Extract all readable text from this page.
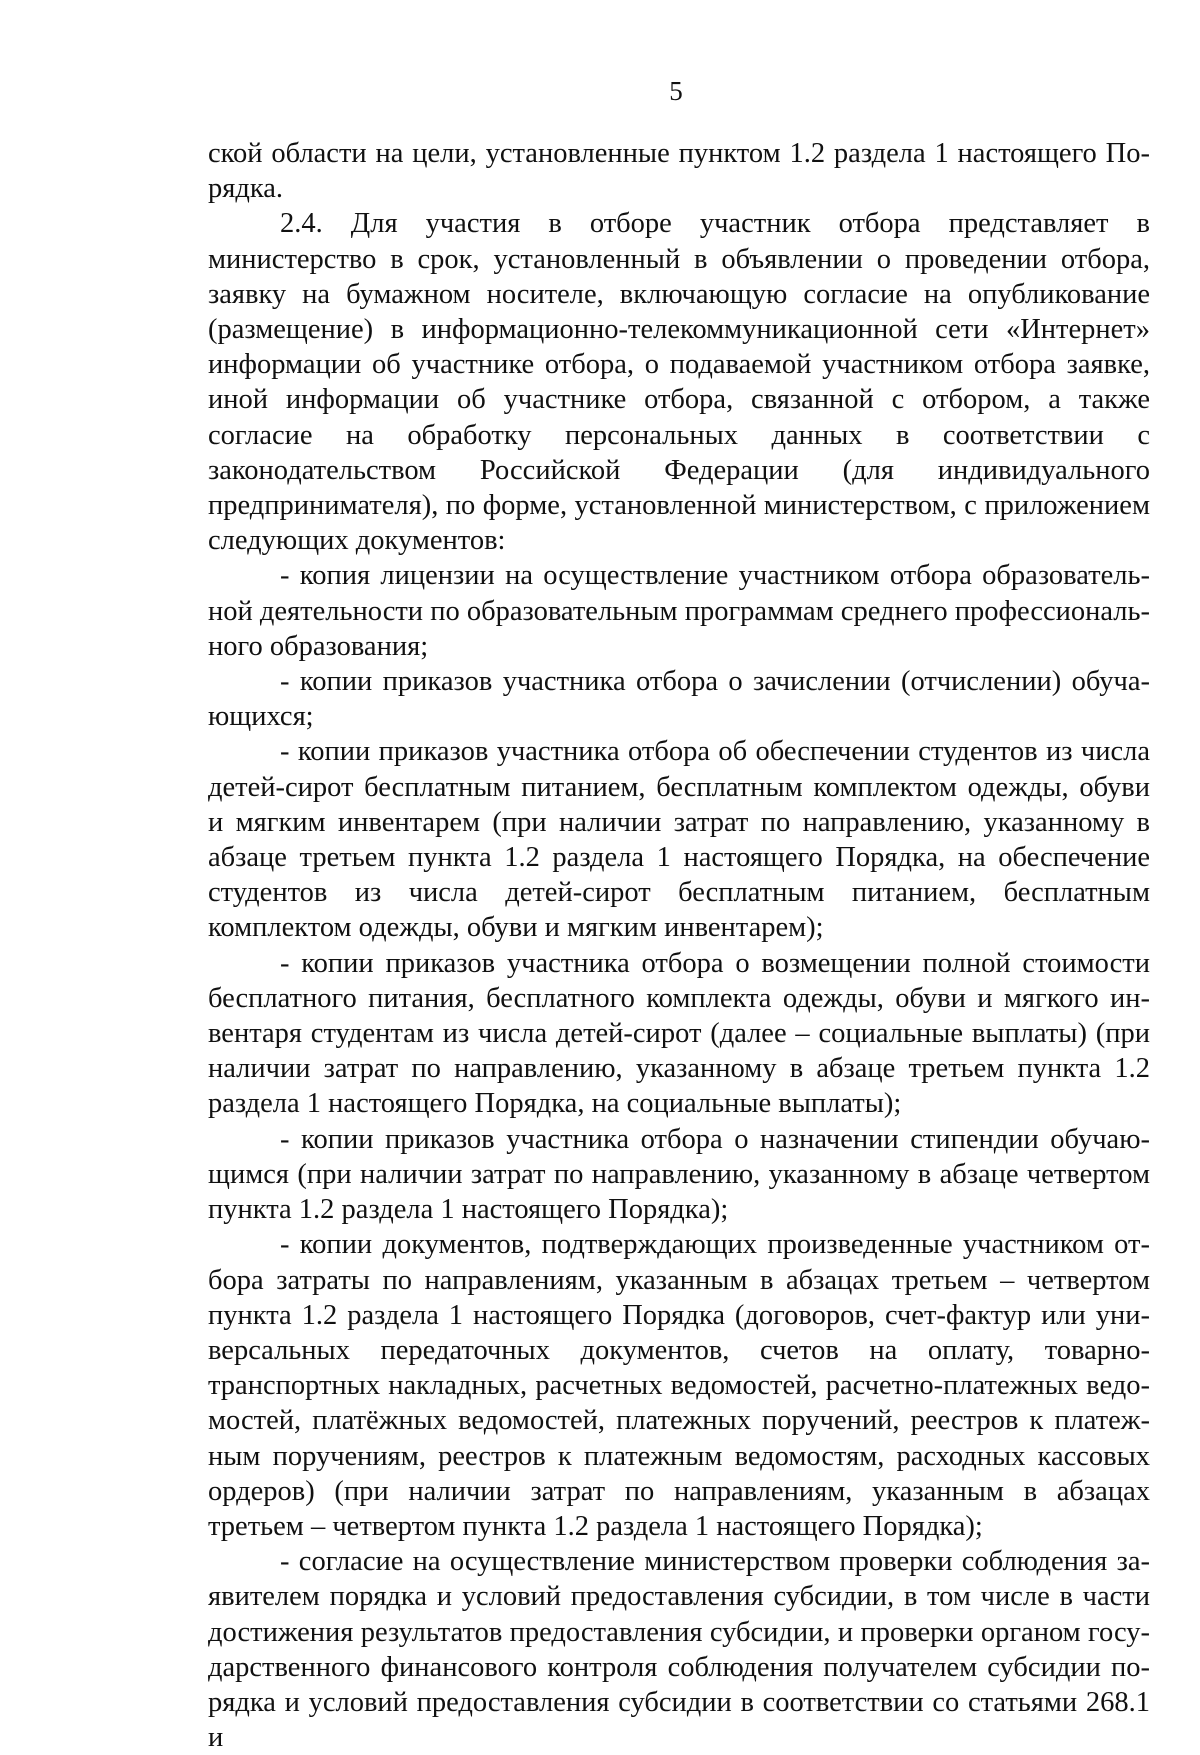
5

ской области на цели, установленные пунктом 1.2 раздела 1 настоящего Порядка.

2.4. Для участия в отборе участник отбора представляет в министерство в срок, установленный в объявлении о проведении отбора, заявку на бумажном носителе, включающую согласие на опубликование (размещение) в информационно-телекоммуникационной сети «Интернет» информации об участнике отбора, о подаваемой участником отбора заявке, иной информации об участнике отбора, связанной с отбором, а также согласие на обработку персональных данных в соответствии с законодательством Российской Федерации (для индивидуального предпринимателя), по форме, установленной министерством, с приложением следующих документов:

- копия лицензии на осуществление участником отбора образовательной деятельности по образовательным программам среднего профессионального образования;

- копии приказов участника отбора о зачислении (отчислении) обучающихся;

- копии приказов участника отбора об обеспечении студентов из числа детей-сирот бесплатным питанием, бесплатным комплектом одежды, обуви и мягким инвентарем (при наличии затрат по направлению, указанному в абзаце третьем пункта 1.2 раздела 1 настоящего Порядка, на обеспечение студентов из числа детей-сирот бесплатным питанием, бесплатным комплектом одежды, обуви и мягким инвентарем);

- копии приказов участника отбора о возмещении полной стоимости бесплатного питания, бесплатного комплекта одежды, обуви и мягкого инвентаря студентам из числа детей-сирот (далее – социальные выплаты) (при наличии затрат по направлению, указанному в абзаце третьем пункта 1.2 раздела 1 настоящего Порядка, на социальные выплаты);

- копии приказов участника отбора о назначении стипендии обучающимся (при наличии затрат по направлению, указанному в абзаце четвертом пункта 1.2 раздела 1 настоящего Порядка);

- копии документов, подтверждающих произведенные участником отбора затраты по направлениям, указанным в абзацах третьем – четвертом пункта 1.2 раздела 1 настоящего Порядка (договоров, счет-фактур или универсальных передаточных документов, счетов на оплату, товарно-транспортных накладных, расчетных ведомостей, расчетно-платежных ведомостей, платёжных ведомостей, платежных поручений, реестров к платежным поручениям, реестров к платежным ведомостям, расходных кассовых ордеров) (при наличии затрат по направлениям, указанным в абзацах третьем – четвертом пункта 1.2 раздела 1 настоящего Порядка);

- согласие на осуществление министерством проверки соблюдения заявителем порядка и условий предоставления субсидии, в том числе в части достижения результатов предоставления субсидии, и проверки органом государственного финансового контроля соблюдения получателем субсидии порядка и условий предоставления субсидии в соответствии со статьями 268.1 и
